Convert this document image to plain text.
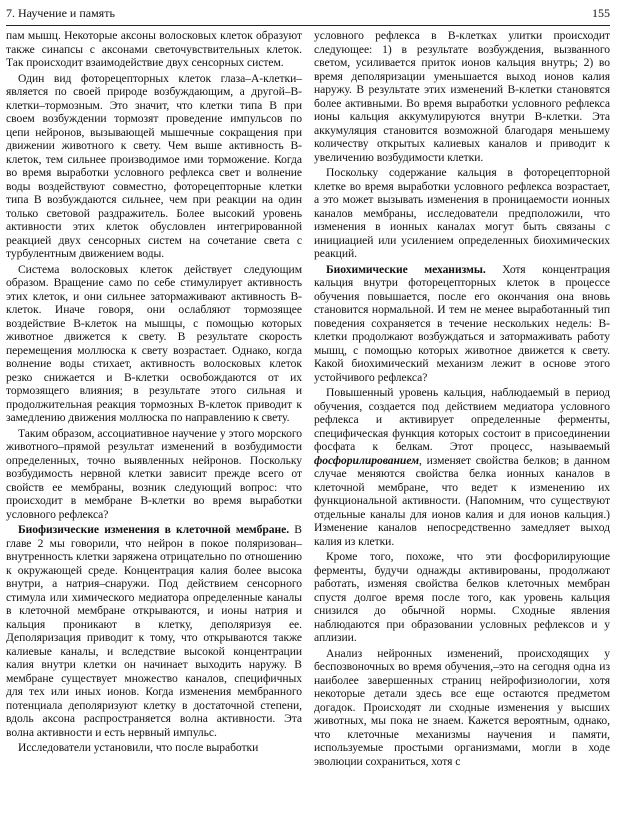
7. Научение и память	155

пам мышц. Некоторые аксоны волосковых клеток образуют также синапсы с аксонами светочувствительных клеток. Так происходит взаимодействие двух сенсорных систем.

Один вид фоторецепторных клеток глаза–А-клетки–является по своей природе возбуждающим, а другой–В-клетки–тормозным. Это значит, что клетки типа В при своем возбуждении тормозят проведение импульсов по цепи нейронов, вызывающей мышечные сокращения при движении животного к свету. Чем выше активность В-клеток, тем сильнее производимое ими торможение. Когда во время выработки условного рефлекса свет и волнение воды воздействуют совместно, фоторецепторные клетки типа В возбуждаются сильнее, чем при реакции на один только световой раздражитель. Более высокий уровень активности этих клеток обусловлен интегрированной реакцией двух сенсорных систем на сочетание света с турбулентным движением воды.

Система волосковых клеток действует следующим образом. Вращение само по себе стимулирует активность этих клеток, и они сильнее затормаживают активность В-клеток. Иначе говоря, они ослабляют тормозящее воздействие В-клеток на мышцы, с помощью которых животное движется к свету. В результате скорость перемещения моллюска к свету возрастает. Однако, когда волнение воды стихает, активность волосковых клеток резко снижается и В-клетки освобождаются от их тормозящего влияния; в результате этого сильная и продолжительная реакция тормозных В-клеток приводит к замедлению движения моллюска по направлению к свету.

Таким образом, ассоциативное научение у этого морского животного–прямой результат изменений в возбудимости определенных, точно выявленных нейронов. Поскольку возбудимость нервной клетки зависит прежде всего от свойств ее мембраны, возник следующий вопрос: что происходит в мембране В-клетки во время выработки условного рефлекса?

Биофизические изменения в клеточной мембране. В главе 2 мы говорили, что нейрон в покое поляризован–внутренность клетки заряжена отрицательно по отношению к окружающей среде. Концентрация калия более высока внутри, а натрия–снаружи. Под действием сенсорного стимула или химического медиатора определенные каналы в клеточной мембране открываются, и ионы натрия и кальция проникают в клетку, деполяризуя ее. Деполяризация приводит к тому, что открываются также калиевые каналы, и вследствие высокой концентрации калия внутри клетки он начинает выходить наружу. В мембране существует множество каналов, специфичных для тех или иных ионов. Когда изменения мембранного потенциала деполяризуют клетку в достаточной степени, вдоль аксона распространяется волна активности. Эта волна активности и есть нервный импульс.

Исследователи установили, что после выработки

условного рефлекса в В-клетках улитки происходит следующее: 1) в результате возбуждения, вызванного светом, усиливается приток ионов кальция внутрь; 2) во время деполяризации уменьшается выход ионов калия наружу. В результате этих изменений В-клетки становятся более активными. Во время выработки условного рефлекса ионы кальция аккумулируются внутри В-клетки. Эта аккумуляция становится возможной благодаря меньшему количеству открытых калиевых каналов и приводит к увеличению возбудимости клетки.

Поскольку содержание кальция в фоторецепторной клетке во время выработки условного рефлекса возрастает, а это может вызывать изменения в проницаемости ионных каналов мембраны, исследователи предположили, что изменения в ионных каналах могут быть связаны с инициацией или усилением определенных биохимических реакций.

Биохимические механизмы. Хотя концентрация кальция внутри фоторецепторных клеток в процессе обучения повышается, после его окончания она вновь становится нормальной. И тем не менее выработанный тип поведения сохраняется в течение нескольких недель: В-клетки продолжают возбуждаться и затормаживать работу мышц, с помощью которых животное движется к свету. Какой биохимический механизм лежит в основе этого устойчивого рефлекса?

Повышенный уровень кальция, наблюдаемый в период обучения, создается под действием медиатора условного рефлекса и активирует определенные ферменты, специфическая функция которых состоит в присоединении фосфата к белкам. Этот процесс, называемый фосфорилированием, изменяет свойства белков; в данном случае меняются свойства белка ионных каналов в клеточной мембране, что ведет к изменению их функциональной активности. (Напомним, что существуют отдельные каналы для ионов калия и для ионов кальция.) Изменение каналов непосредственно замедляет выход калия из клетки.

Кроме того, похоже, что эти фосфорилирующие ферменты, будучи однажды активированы, продолжают работать, изменяя свойства белков клеточных мембран спустя долгое время после того, как уровень кальция снизился до обычной нормы. Сходные явления наблюдаются при образовании условных рефлексов и у аплизии.

Анализ нейронных изменений, происходящих у беспозвоночных во время обучения,–это на сегодня одна из наиболее завершенных страниц нейрофизиологии, хотя некоторые детали здесь все еще остаются предметом догадок. Происходят ли сходные изменения у высших животных, мы пока не знаем. Кажется вероятным, однако, что клеточные механизмы научения и памяти, используемые простыми организмами, могли в ходе эволюции сохраниться, хотя с
